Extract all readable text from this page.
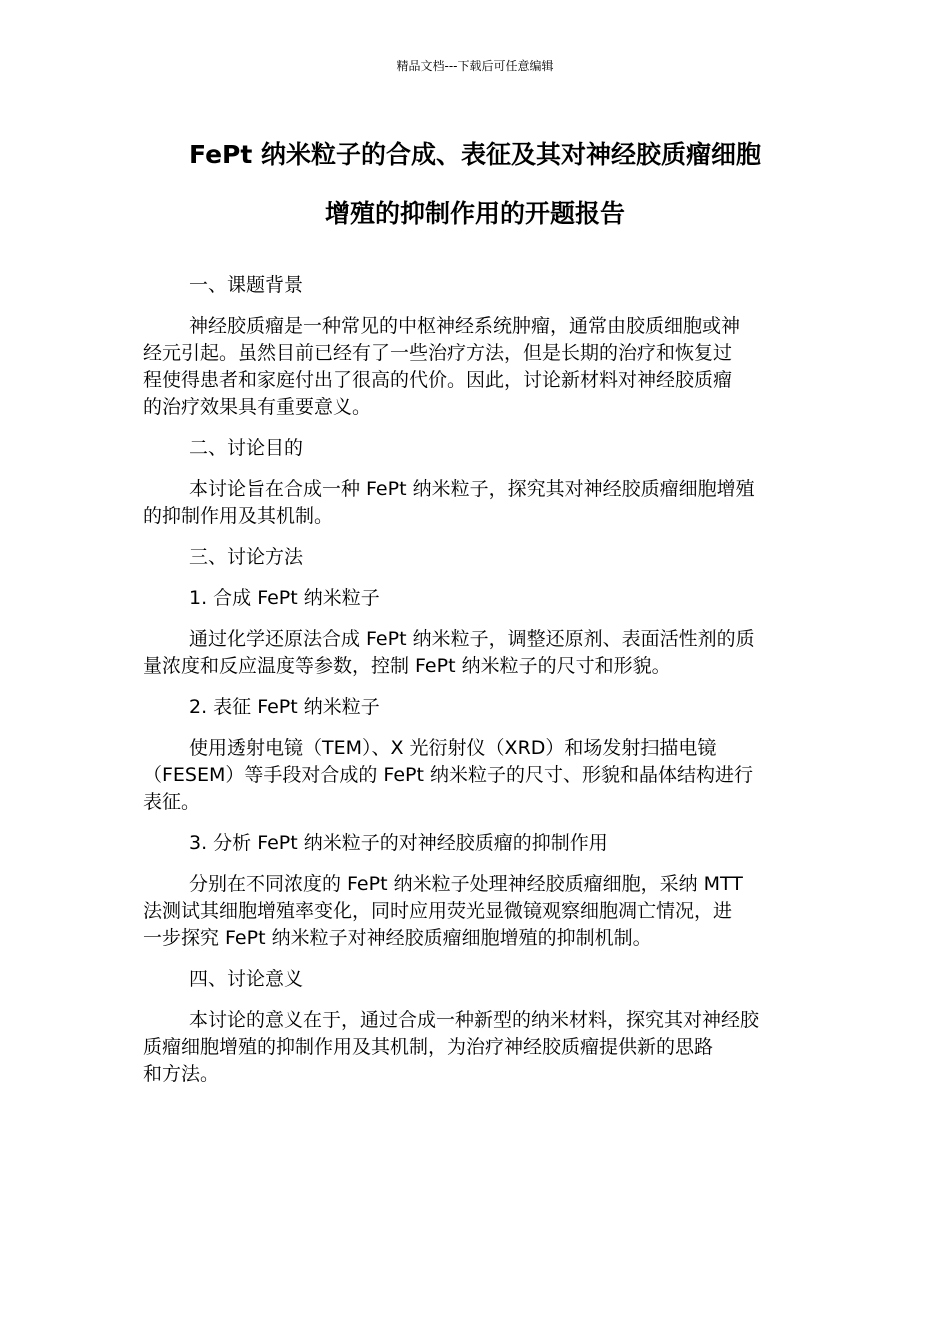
精品文档---下载后可任意编辑
FePt 纳米粒子的合成、表征及其对神经胶质瘤细胞
增殖的抑制作用的开题报告

一、课题背景

神经胶质瘤是一种常见的中枢神经系统肿瘤，通常由胶质细胞或神
经元引起。虽然目前已经有了一些治疗方法，但是长期的治疗和恢复过
程使得患者和家庭付出了很高的代价。因此，讨论新材料对神经胶质瘤
的治疗效果具有重要意义。

二、讨论目的

本讨论旨在合成一种 FePt 纳米粒子，探究其对神经胶质瘤细胞增殖
的抑制作用及其机制。

三、讨论方法

1. 合成 FePt 纳米粒子

通过化学还原法合成 FePt 纳米粒子，调整还原剂、表面活性剂的质
量浓度和反应温度等参数，控制 FePt 纳米粒子的尺寸和形貌。

2. 表征 FePt 纳米粒子

使用透射电镜（TEM）、X 光衍射仪（XRD）和场发射扫描电镜
（FESEM）等手段对合成的 FePt 纳米粒子的尺寸、形貌和晶体结构进行
表征。

3. 分析 FePt 纳米粒子的对神经胶质瘤的抑制作用

分别在不同浓度的 FePt 纳米粒子处理神经胶质瘤细胞，采纳 MTT
法测试其细胞增殖率变化，同时应用荧光显微镜观察细胞凋亡情况，进
一步探究 FePt 纳米粒子对神经胶质瘤细胞增殖的抑制机制。

四、讨论意义

本讨论的意义在于，通过合成一种新型的纳米材料，探究其对神经胶
质瘤细胞增殖的抑制作用及其机制，为治疗神经胶质瘤提供新的思路
和方法。
